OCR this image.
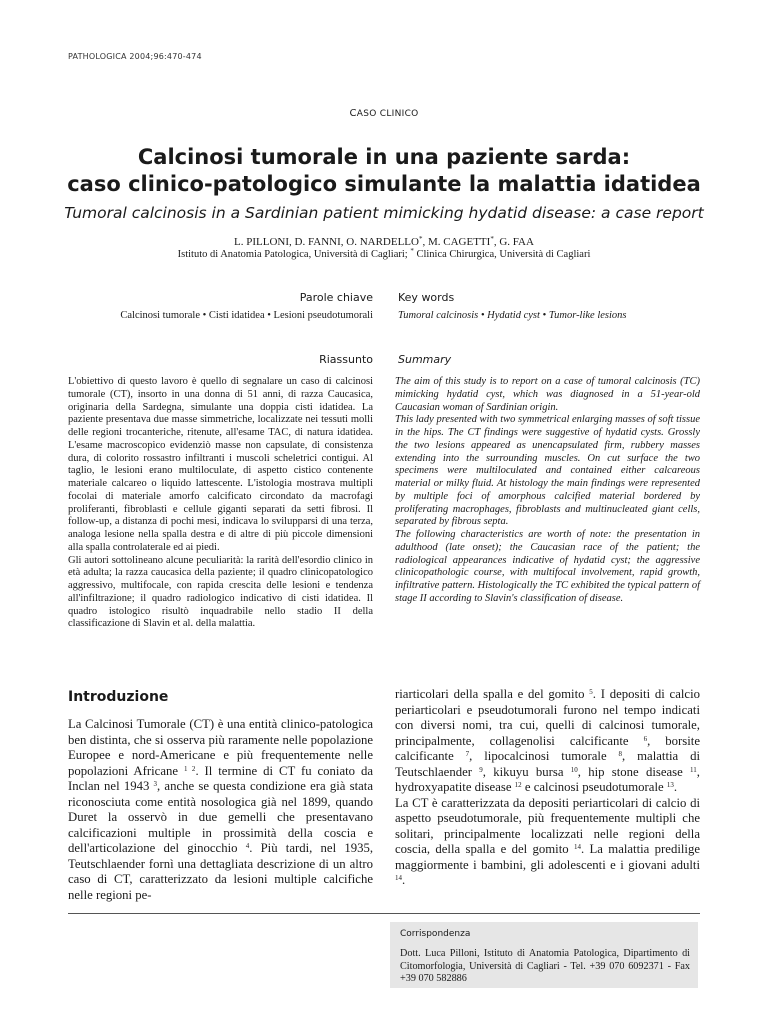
PATHOLOGICA 2004;96:470-474
CASO CLINICO
Calcinosi tumorale in una paziente sarda:
caso clinico-patologico simulante la malattia idatidea
Tumoral calcinosis in a Sardinian patient mimicking hydatid disease: a case report
L. PILLONI, D. FANNI, O. NARDELLO*, M. CAGETTI*, G. FAA
Istituto di Anatomia Patologica, Università di Cagliari; * Clinica Chirurgica, Università di Cagliari
Parole chiave Key words
Calcinosi tumorale • Cisti idatidea • Lesioni pseudotumorali Tumoral calcinosis • Hydatid cyst • Tumor-like lesions
Riassunto Summary

L'obiettivo di questo lavoro è quello di segnalare un caso di calcinosi tumorale (CT), insorto in una donna di 51 anni, di razza Caucasica, originaria della Sardegna, simulante una doppia cisti idatidea. La paziente presentava due masse simmetriche, localizzate nei tessuti molli delle regioni trocanteriche, ritenute, all'esame TAC, di natura idatidea. L'esame macroscopico evidenziò masse non capsulate, di consistenza dura, di colorito rossastro infiltranti i muscoli scheletrici contigui. Al taglio, le lesioni erano multiloculate, di aspetto cistico contenente materiale calcareo o liquido lattescente. L'istologia mostrava multipli focolai di materiale amorfo calcificato circondato da macrofagi proliferanti, fibroblasti e cellule giganti separati da setti fibrosi. Il follow-up, a distanza di pochi mesi, indicava lo svilupparsi di una terza, analoga lesione nella spalla destra e di altre di più piccole dimensioni alla spalla controlaterale ed ai piedi.

Gli autori sottolineano alcune peculiarità: la rarità dell'esordio clinico in età adulta; la razza caucasica della paziente; il quadro clinicopatologico aggressivo, multifocale, con rapida crescita delle lesioni e tendenza all'infiltrazione; il quadro radiologico indicativo di cisti idatidea. Il quadro istologico risultò inquadrabile nello stadio II della classificazione di Slavin et al. della malattia.

The aim of this study is to report on a case of tumoral calcinosis (TC) mimicking hydatid cyst, which was diagnosed in a 51-year-old Caucasian woman of Sardinian origin.

This lady presented with two symmetrical enlarging masses of soft tissue in the hips. The CT findings were suggestive of hydatid cysts. Grossly the two lesions appeared as unencapsulated firm, rubbery masses extending into the surrounding muscles. On cut surface the two specimens were multiloculated and contained either calcareous material or milky fluid. At histology the main findings were represented by multiple foci of amorphous calcified material bordered by proliferating macrophages, fibroblasts and multinucleated giant cells, separated by fibrous septa.

The following characteristics are worth of note: the presentation in adulthood (late onset); the Caucasian race of the patient; the radiological appearances indicative of hydatid cyst; the aggressive clinicopathologic course, with multifocal involvement, rapid growth, infiltrative pattern. Histologically the TC exhibited the typical pattern of stage II according to Slavin's classification of disease.

Introduzione

La Calcinosi Tumorale (CT) è una entità clinico-patologica ben distinta, che si osserva più raramente nelle popolazione Europee e nord-Americane e più frequentemente nelle popolazioni Africane $^{1 2}$. Il termine di CT fu coniato da Inclan nel 1943 $^3$, anche se questa condizione era già stata riconosciuta come entità nosologica già nel 1899, quando Duret la osservò in due gemelli che presentavano calcificazioni multiple in prossimità della coscia e dell'articolazione del ginocchio $^4$. Più tardi, nel 1935, Teutschlaender fornì una dettagliata descrizione di un altro caso di CT, caratterizzato da lesioni multiple calcifiche nelle regioni pe-

riarticolari della spalla e del gomito $^5$. I depositi di calcio periarticolari e pseudotumorali furono nel tempo indicati con diversi nomi, tra cui, quelli di calcinosi tumorale, principalmente, collagenolisi calcificante $^6$, borsite calcificante $^7$, lipocalcinosi tumorale $^8$, malattia di Teutschlaender $^9$, kikuyu bursa $^{10}$, hip stone disease $^{11}$, hydroxyapatite disease $^{12}$ e calcinosi pseudotumorale $^{13}$.

La CT è caratterizzata da depositi periarticolari di calcio di aspetto pseudotumorale, più frequentemente multipli che solitari, principalmente localizzati nelle regioni della coscia, della spalla e del gomito $^{14}$. La malattia predilige maggiormente i bambini, gli adolescenti e i giovani adulti $^{14}$.

Corrispondenza
Dott. Luca Pilloni, Istituto di Anatomia Patologica, Dipartimento di Citomorfologia, Università di Cagliari - Tel. +39 070 6092371 - Fax +39 070 582886
